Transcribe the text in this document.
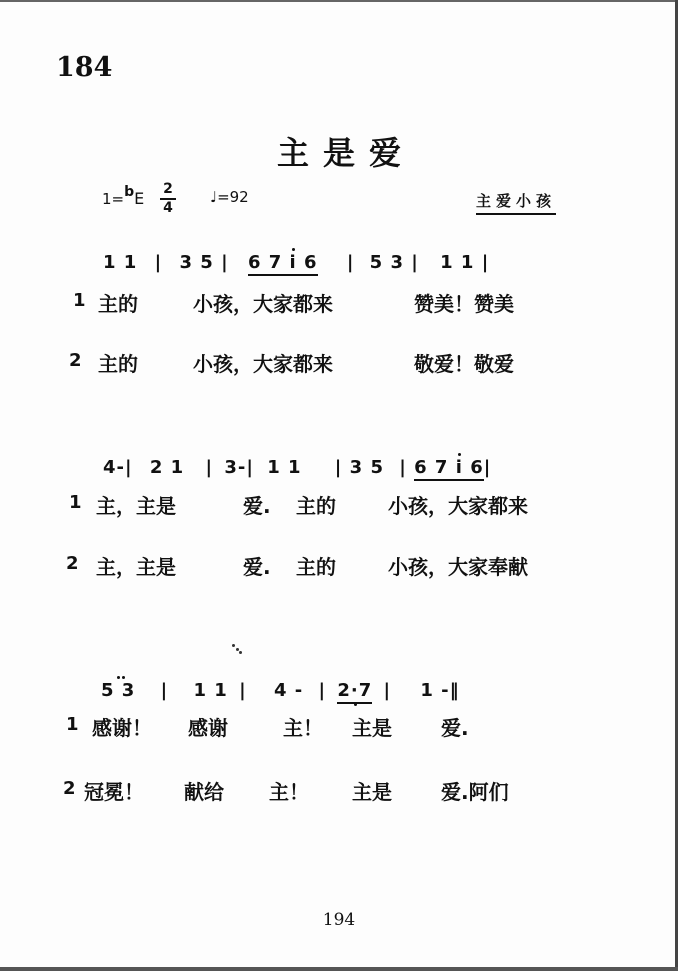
184
主是爱
1=$^b$E 2
4
♩=92	主爱小孩
1 1 | 3 5 | 6 7 i 6 | 5 3 | 1 1 |
1 主的	小孩，大家都来	赞美！赞美
2 主的	小孩，大家都来	敬爱！敬爱
4-| 2 1 | 3-| 1 1 | 3 5 | 6 7 i 6|
1 主，主是	爱. 主的	小孩，大家都来
2 主，主是	爱. 主的	小孩，大家奉献
5 3 | 1 1 | 4 - | 2·7 | 1 -‖
1 感谢！ 感谢	主！ 主是 爱.
2 冠冕！ 献给 主！ 主是 爱.阿们
194
